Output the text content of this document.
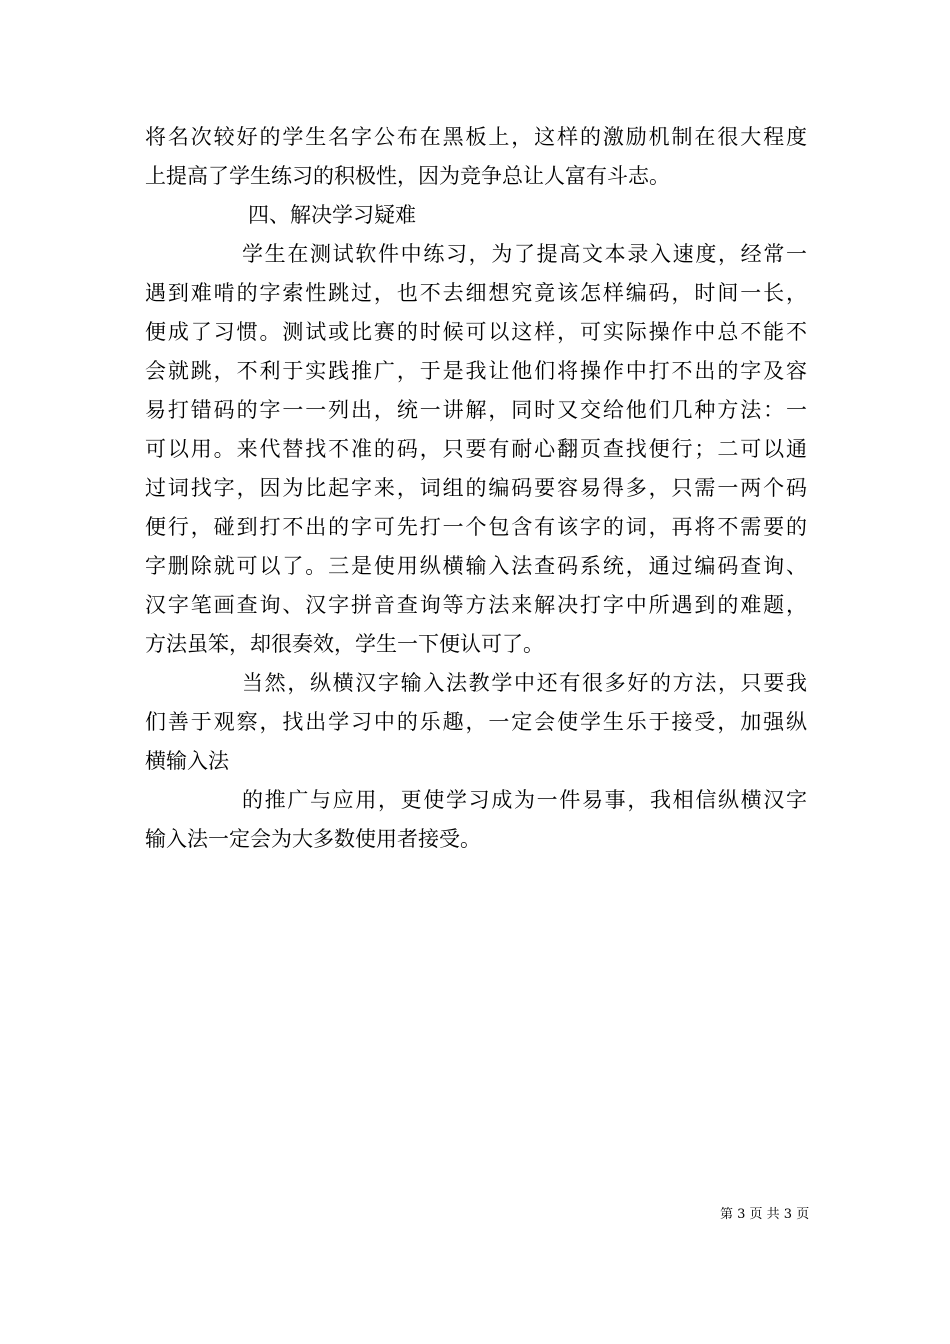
将名次较好的学生名字公布在黑板上，这样的激励机制在很大程度
上提高了学生练习的积极性，因为竞争总让人富有斗志。
四、解决学习疑难
学生在测试软件中练习，为了提高文本录入速度，经常一
遇到难啃的字索性跳过，也不去细想究竟该怎样编码，时间一长，
便成了习惯。测试或比赛的时候可以这样，可实际操作中总不能不
会就跳，不利于实践推广，于是我让他们将操作中打不出的字及容
易打错码的字一一列出，统一讲解，同时又交给他们几种方法：一
可以用。来代替找不准的码，只要有耐心翻页查找便行；二可以通
过词找字，因为比起字来，词组的编码要容易得多，只需一两个码
便行，碰到打不出的字可先打一个包含有该字的词，再将不需要的
字删除就可以了。三是使用纵横输入法查码系统，通过编码查询、
汉字笔画查询、汉字拼音查询等方法来解决打字中所遇到的难题，
方法虽笨，却很奏效，学生一下便认可了。
当然，纵横汉字输入法教学中还有很多好的方法，只要我
们善于观察，找出学习中的乐趣，一定会使学生乐于接受，加强纵
横输入法
的推广与应用，更使学习成为一件易事，我相信纵横汉字
输入法一定会为大多数使用者接受。
第 3 页 共 3 页
